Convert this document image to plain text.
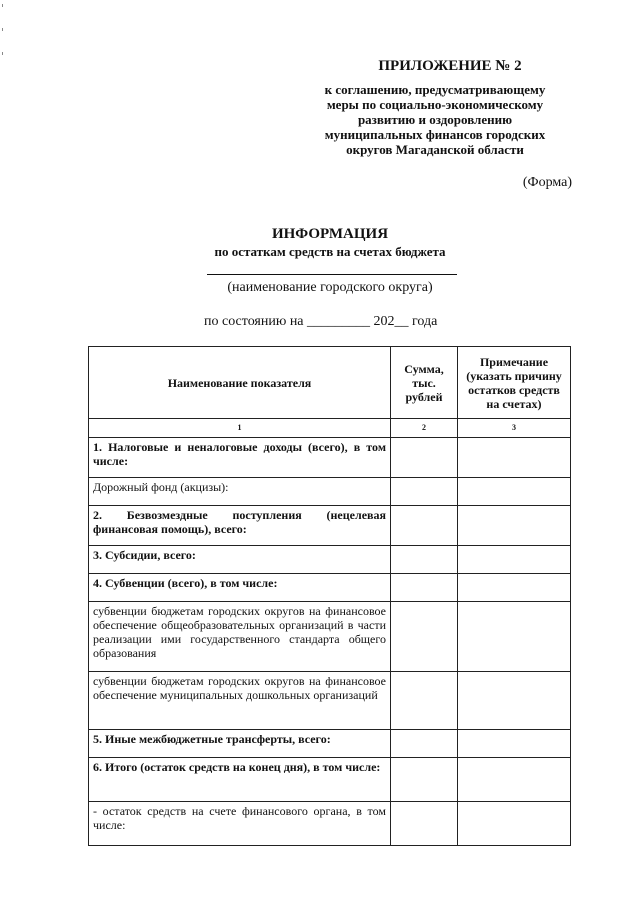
ПРИЛОЖЕНИЕ № 2
к соглашению, предусматривающему
меры по социально-экономическому
развитию и оздоровлению
муниципальных финансов городских
округов Магаданской области
(Форма)
ИНФОРМАЦИЯ
по остаткам средств на счетах бюджета
(наименование городского округа)
по состоянию на _________ 202__ года
Наименование показателя	Сумма, тыс. рублей	Примечание (указать причину остатков средств на счетах)
1	2	3
1. Налоговые и неналоговые доходы (всего), в том числе:		
Дорожный фонд (акцизы):		
2. Безвозмездные поступления (нецелевая финансовая помощь), всего:		
3. Субсидии, всего:		
4. Субвенции (всего), в том числе:		
субвенции бюджетам городских округов на финансовое обеспечение общеобразовательных организаций в части реализации ими государственного стандарта общего образования		
субвенции бюджетам городских округов на финансовое обеспечение муниципальных дошкольных организаций		
5. Иные межбюджетные трансферты, всего:		
6. Итого (остаток средств на конец дня), в том числе:		
- остаток средств на счете финансового органа, в том числе:		
